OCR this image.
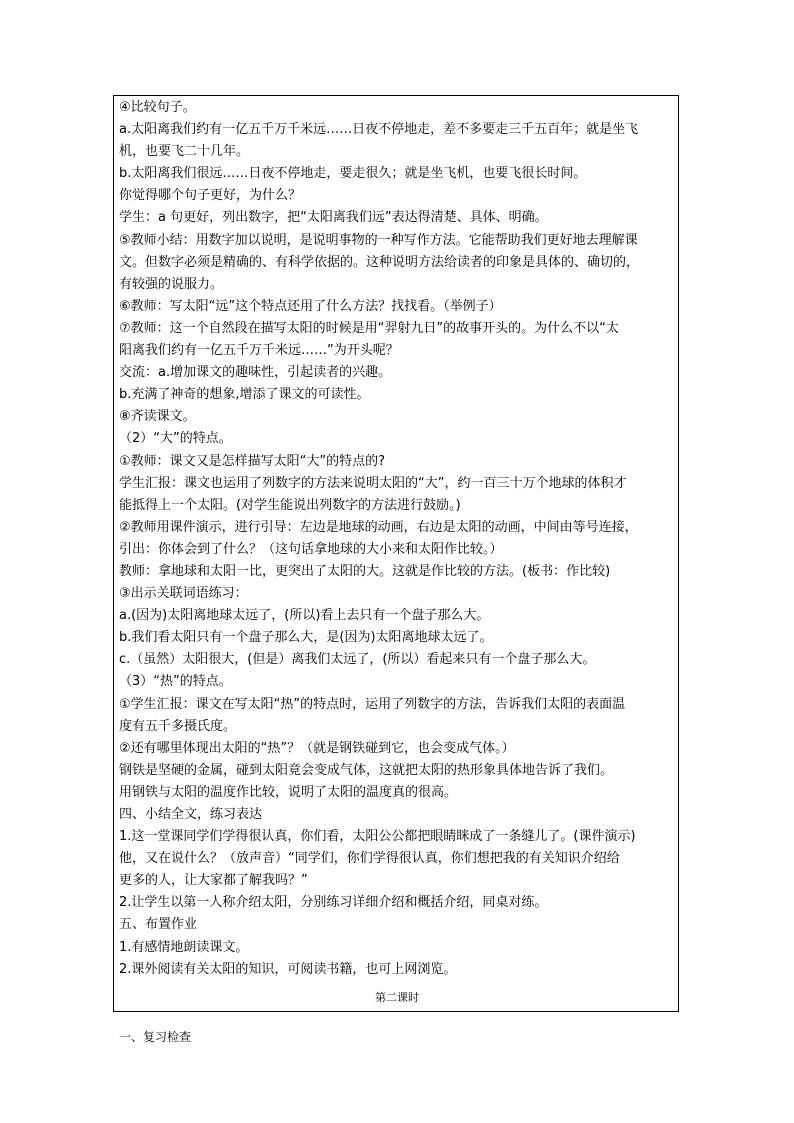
④比较句子。
a.太阳离我们约有一亿五千万千米远……日夜不停地走，差不多要走三千五百年；就是坐飞
机，也要飞二十几年。
b.太阳离我们很远……日夜不停地走，要走很久；就是坐飞机，也要飞很长时间。
你觉得哪个句子更好，为什么？
学生：a 句更好，列出数字，把“太阳离我们远”表达得清楚、具体、明确。
⑤教师小结：用数字加以说明，是说明事物的一种写作方法。它能帮助我们更好地去理解课
文。但数字必须是精确的、有科学依据的。这种说明方法给读者的印象是具体的、确切的，
有较强的说服力。
⑥教师：写太阳“远”这个特点还用了什么方法？找找看。（举例子）
⑦教师：这一个自然段在描写太阳的时候是用“羿射九日”的故事开头的。为什么不以“太
阳离我们约有一亿五千万千米远……”为开头呢？
交流：a.增加课文的趣味性，引起读者的兴趣。
b.充满了神奇的想象,增添了课文的可读性。
⑧齐读课文。
（2）“大”的特点。
①教师：课文又是怎样描写太阳“大”的特点的?
学生汇报：课文也运用了列数字的方法来说明太阳的“大”，约一百三十万个地球的体积才
能抵得上一个太阳。(对学生能说出列数字的方法进行鼓励。)
②教师用课件演示，进行引导：左边是地球的动画，右边是太阳的动画，中间由等号连接，
引出：你体会到了什么？（这句话拿地球的大小来和太阳作比较。）
教师：拿地球和太阳一比，更突出了太阳的大。这就是作比较的方法。(板书：作比较)
③出示关联词语练习：
a.(因为)太阳离地球太远了，(所以)看上去只有一个盘子那么大。
b.我们看太阳只有一个盘子那么大，是(因为)太阳离地球太远了。
c.（虽然）太阳很大，(但是）离我们太远了，(所以）看起来只有一个盘子那么大。
（3）“热”的特点。
①学生汇报：课文在写太阳“热”的特点时，运用了列数字的方法，告诉我们太阳的表面温
度有五千多摄氏度。
②还有哪里体现出太阳的“热”？（就是钢铁碰到它，也会变成气体。）
钢铁是坚硬的金属，碰到太阳竟会变成气体，这就把太阳的热形象具体地告诉了我们。
用钢铁与太阳的温度作比较，说明了太阳的温度真的很高。
四、小结全文，练习表达
1.这一堂课同学们学得很认真，你们看，太阳公公都把眼睛眯成了一条缝儿了。(课件演示)
他，又在说什么？（放声音）“同学们，你们学得很认真，你们想把我的有关知识介绍给
更多的人，让大家都了解我吗？”
2.让学生以第一人称介绍太阳，分别练习详细介绍和概括介绍，同桌对练。
五、布置作业
1.有感情地朗读课文。
2.课外阅读有关太阳的知识，可阅读书籍，也可上网浏览。
第二课时
一、复习检查
